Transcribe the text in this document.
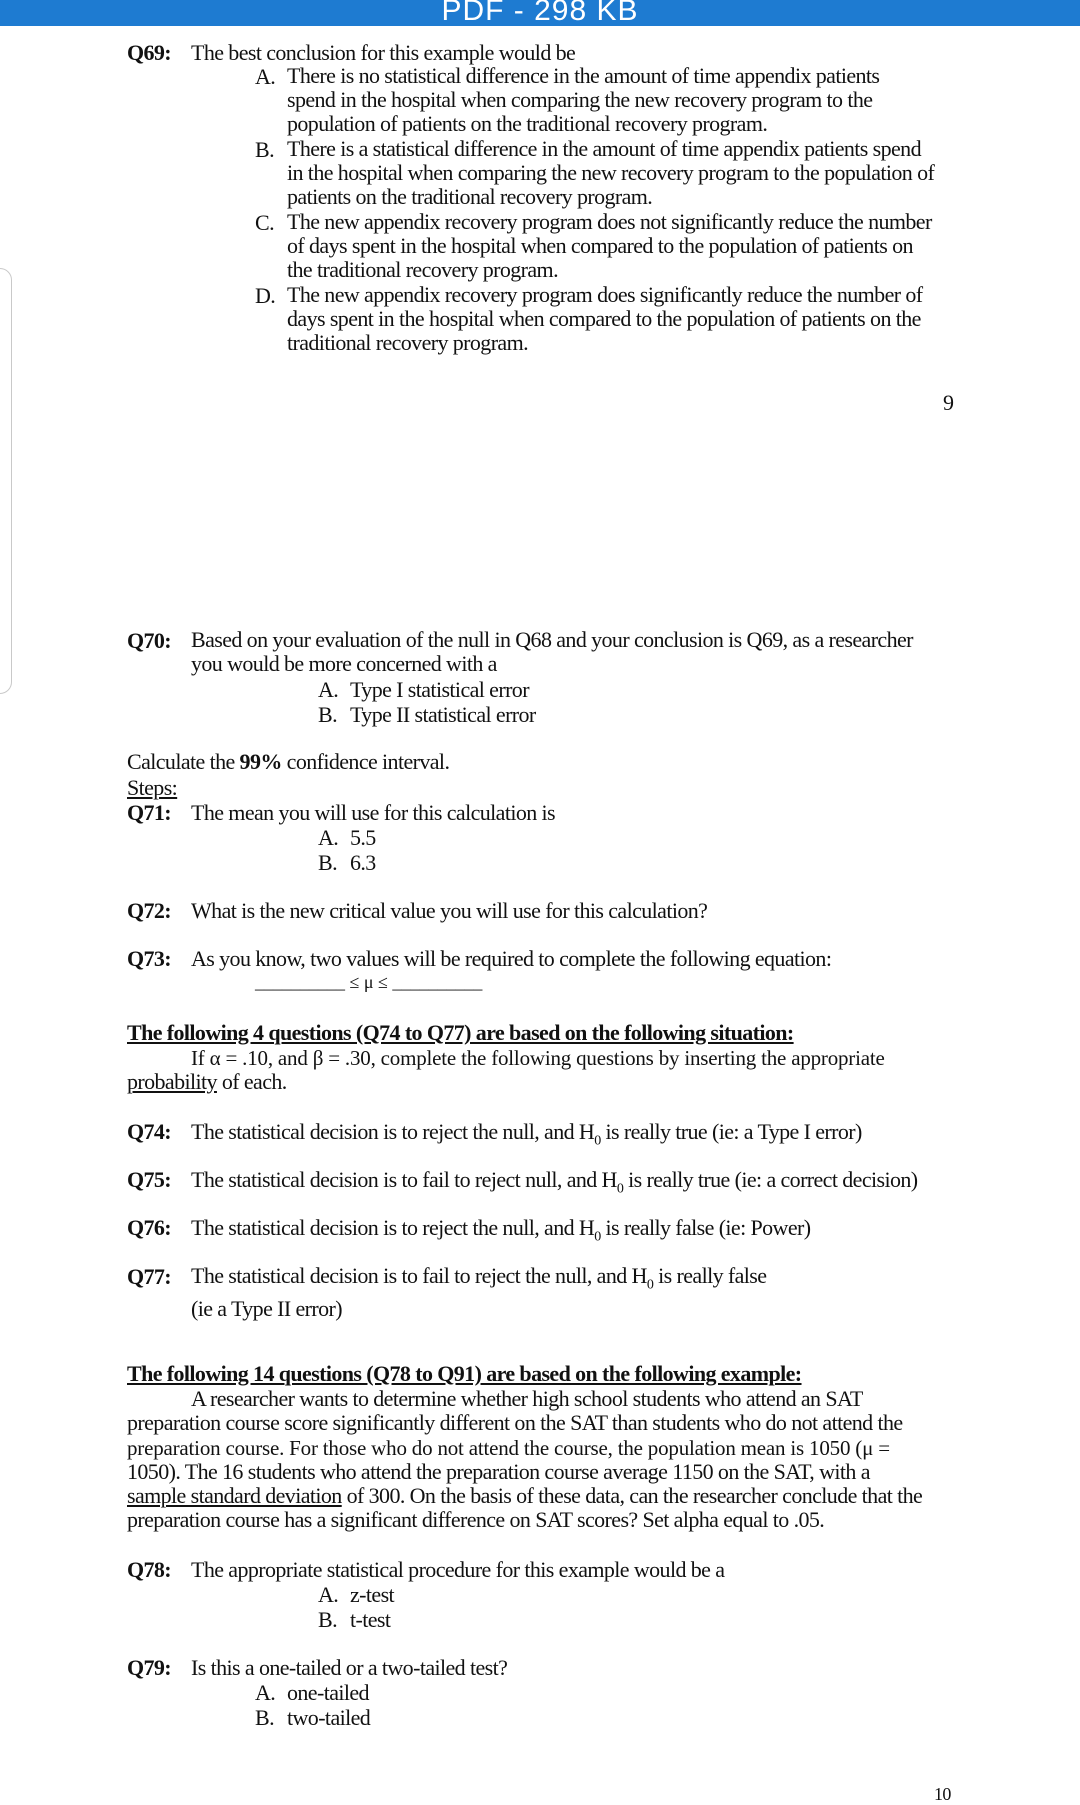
PDF - 298 KB
Q69: The best conclusion for this example would be
A. There is no statistical difference in the amount of time appendix patients
spend in the hospital when comparing the new recovery program to the
population of patients on the traditional recovery program.
B. There is a statistical difference in the amount of time appendix patients spend
in the hospital when comparing the new recovery program to the population of
patients on the traditional recovery program.
C. The new appendix recovery program does not significantly reduce the number
of days spent in the hospital when compared to the population of patients on
the traditional recovery program.
D. The new appendix recovery program does significantly reduce the number of
days spent in the hospital when compared to the population of patients on the
traditional recovery program.
9
Q70: Based on your evaluation of the null in Q68 and your conclusion is Q69, as a researcher
you would be more concerned with a
A. Type I statistical error
B. Type II statistical error
Calculate the 99% confidence interval.
Steps:
Q71: The mean you will use for this calculation is
A. 5.5
B. 6.3
Q72: What is the new critical value you will use for this calculation?
Q73: As you know, two values will be required to complete the following equation:
__________ ≤ μ ≤ __________
The following 4 questions (Q74 to Q77) are based on the following situation:
If α = .10, and β = .30, complete the following questions by inserting the appropriate
probability of each.
Q74: The statistical decision is to reject the null, and $H_0$ is really true (ie: a Type I error)
Q75: The statistical decision is to fail to reject null, and $H_0$ is really true (ie: a correct decision)
Q76: The statistical decision is to reject the null, and $H_0$ is really false (ie: Power)
Q77: The statistical decision is to fail to reject the null, and $H_0$ is really false
(ie a Type II error)
The following 14 questions (Q78 to Q91) are based on the following example:
A researcher wants to determine whether high school students who attend an SAT
preparation course score significantly different on the SAT than students who do not attend the
preparation course. For those who do not attend the course, the population mean is 1050 (μ =
1050). The 16 students who attend the preparation course average 1150 on the SAT, with a
sample standard deviation of 300. On the basis of these data, can the researcher conclude that the
preparation course has a significant difference on SAT scores? Set alpha equal to .05.
Q78: The appropriate statistical procedure for this example would be a
A. z-test
B. t-test
Q79: Is this a one-tailed or a two-tailed test?
A. one-tailed
B. two-tailed
10
